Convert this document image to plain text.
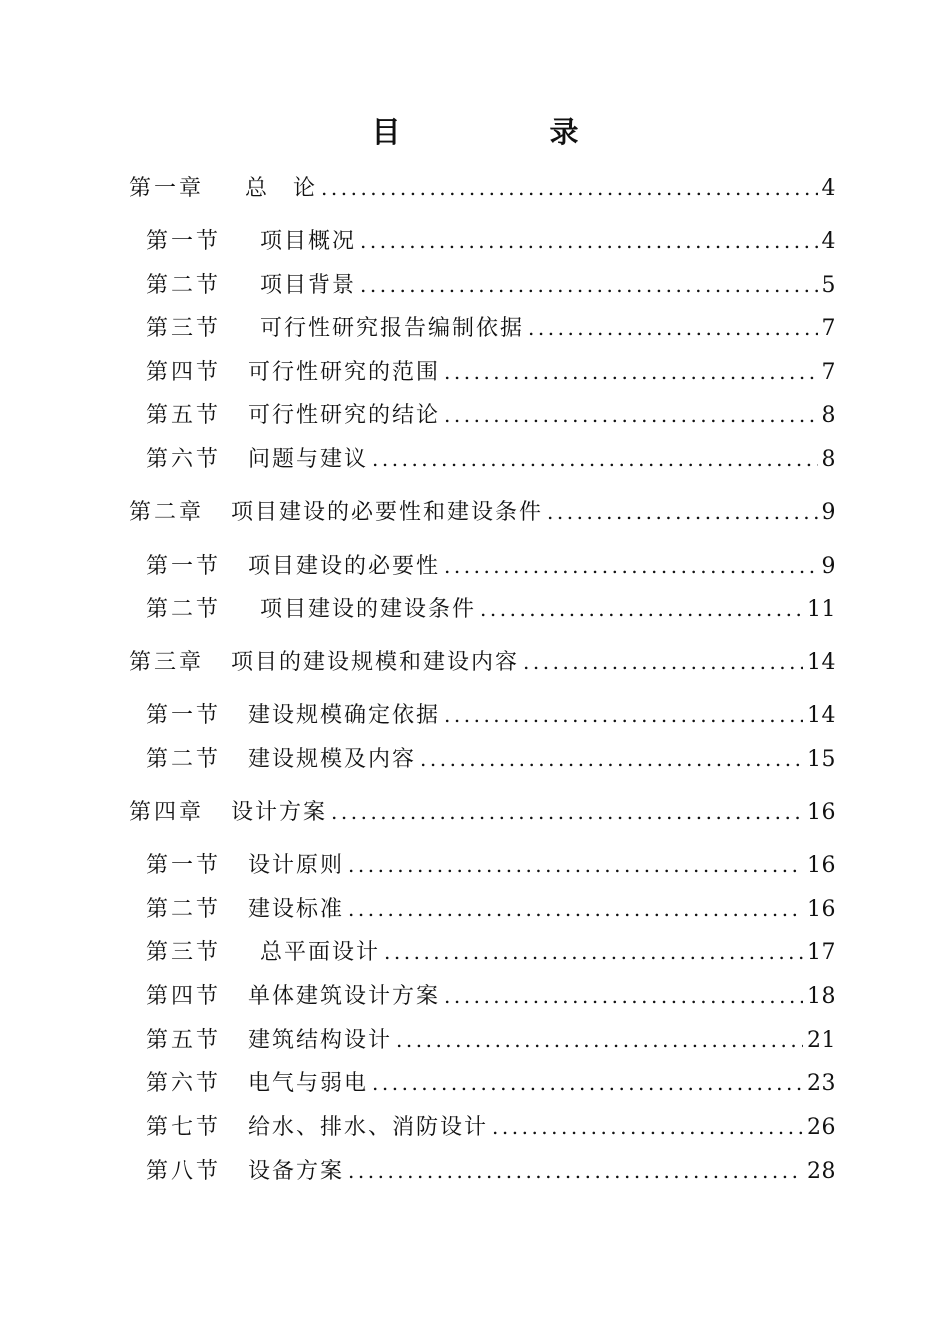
目　录
第一章	总　论 .....	4
第一节	项目概况 .....	4
第二节	项目背景 .....	5
第三节	可行性研究报告编制依据 .....	7
第四节	可行性研究的范围 .....	7
第五节	可行性研究的结论 .....	8
第六节	问题与建议 .....	8
第二章	项目建设的必要性和建设条件 .....	9
第一节	项目建设的必要性 .....	9
第二节	项目建设的建设条件 .....	11
第三章	项目的建设规模和建设内容 .....	14
第一节	建设规模确定依据 .....	14
第二节	建设规模及内容 .....	15
第四章	设计方案 .....	16
第一节	设计原则 .....	16
第二节	建设标准 .....	16
第三节	总平面设计 .....	17
第四节	单体建筑设计方案 .....	18
第五节	建筑结构设计 .....	21
第六节	电气与弱电 .....	23
第七节	给水、排水、消防设计 .....	26
第八节	设备方案 .....	28
